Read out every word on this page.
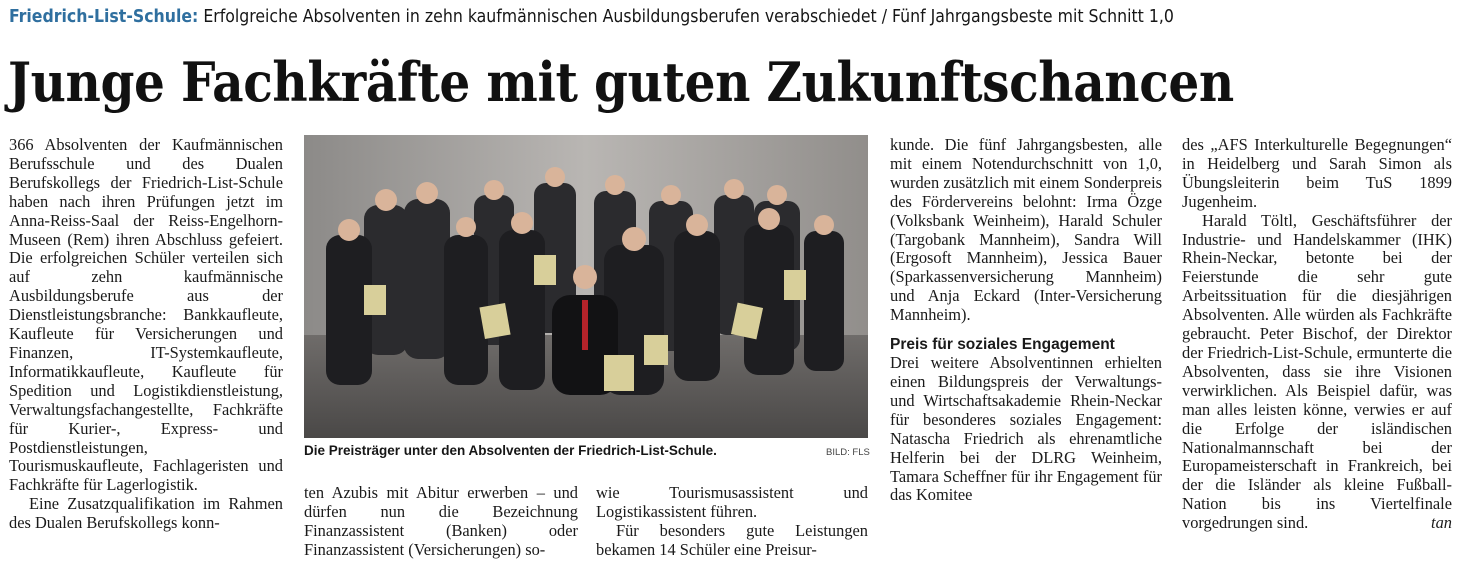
Friedrich-List-Schule: Erfolgreiche Absolventen in zehn kaufmännischen Ausbildungsberufen verabschiedet / Fünf Jahrgangsbeste mit Schnitt 1,0
Junge Fachkräfte mit guten Zukunftschancen

366 Absolventen der Kaufmännischen Berufsschule und des Dualen Berufskollegs der Friedrich-List-Schule haben nach ihren Prüfungen jetzt im Anna-Reiss-Saal der Reiss-Engelhorn-Museen (Rem) ihren Abschluss gefeiert. Die erfolgreichen Schüler verteilen sich auf zehn kaufmännische Ausbildungsberufe aus der Dienstleistungsbranche: Bankkaufleute, Kaufleute für Versicherungen und Finanzen, IT-Systemkaufleute, Informatikkaufleute, Kaufleute für Spedition und Logistikdienstleistung, Verwaltungsfachangestellte, Fachkräfte für Kurier-, Express- und Postdienstleistungen, Tourismuskaufleute, Fachlageristen und Fachkräfte für Lagerlogistik.

Eine Zusatzqualifikation im Rahmen des Dualen Berufskollegs konn-

Die Preisträger unter den Absolventen der Friedrich-List-Schule.	BILD: FLS

ten Azubis mit Abitur erwerben – und dürfen nun die Bezeichnung Finanzassistent (Banken) oder Finanzassistent (Versicherungen) so-

wie Tourismusassistent und Logistikassistent führen.

Für besonders gute Leistungen bekamen 14 Schüler eine Preisur-

kunde. Die fünf Jahrgangsbesten, alle mit einem Notendurchschnitt von 1,0, wurden zusätzlich mit einem Sonderpreis des Fördervereins belohnt: Irma Özge (Volksbank Weinheim), Harald Schuler (Targobank Mannheim), Sandra Will (Ergosoft Mannheim), Jessica Bauer (Sparkassenversicherung Mannheim) und Anja Eckard (Inter-Versicherung Mannheim).

Preis für soziales Engagement

Drei weitere Absolventinnen erhielten einen Bildungspreis der Verwaltungs- und Wirtschaftsakademie Rhein-Neckar für besonderes soziales Engagement: Natascha Friedrich als ehrenamtliche Helferin bei der DLRG Weinheim, Tamara Scheffner für ihr Engagement für das Komitee

des „AFS Interkulturelle Begegnungen“ in Heidelberg und Sarah Simon als Übungsleiterin beim TuS 1899 Jugenheim.

Harald Töltl, Geschäftsführer der Industrie- und Handelskammer (IHK) Rhein-Neckar, betonte bei der Feierstunde die sehr gute Arbeitssituation für die diesjährigen Absolventen. Alle würden als Fachkräfte gebraucht. Peter Bischof, der Direktor der Friedrich-List-Schule, ermunterte die Absolventen, dass sie ihre Visionen verwirklichen. Als Beispiel dafür, was man alles leisten könne, verwies er auf die Erfolge der isländischen Nationalmannschaft bei der Europameisterschaft in Frankreich, bei der die Isländer als kleine Fußball-Nation bis ins Viertelfinale vorgedrungen sind.	tan
